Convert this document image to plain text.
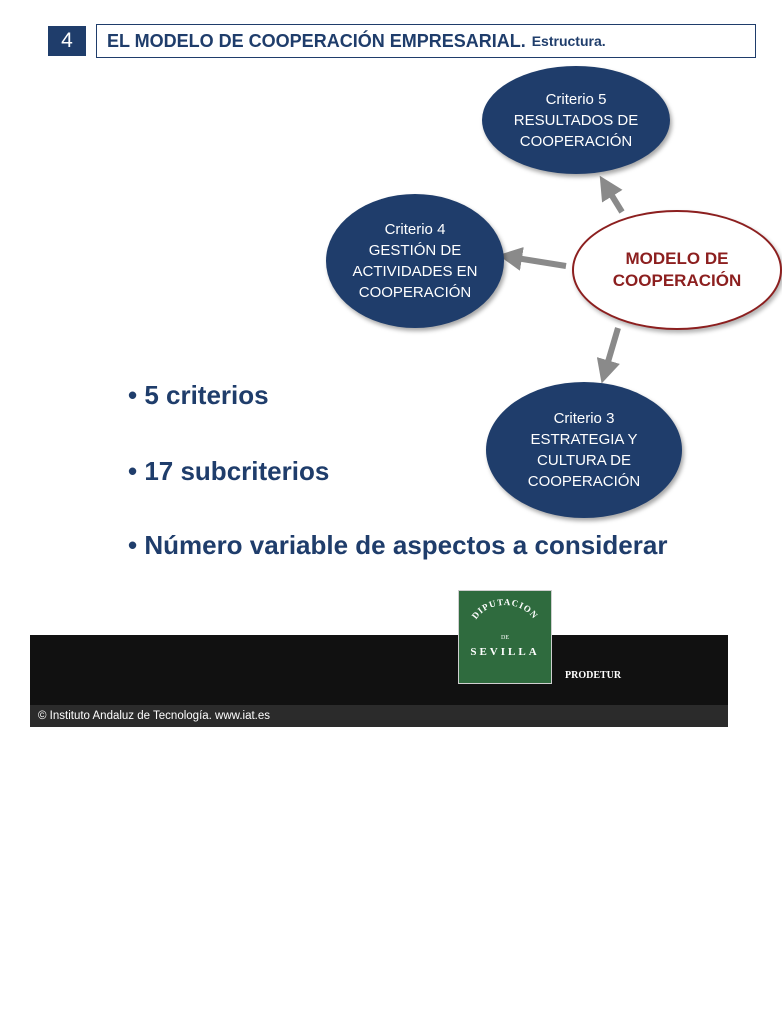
4	EL MODELO DE COOPERACIÓN EMPRESARIAL. Estructura.
Criterio 5
RESULTADOS DE
COOPERACIÓN
Criterio 4
GESTIÓN DE
ACTIVIDADES EN
COOPERACIÓN
MODELO DE
COOPERACIÓN
Criterio 3
ESTRATEGIA Y
CULTURA DE
COOPERACIÓN
• 5 criterios
• 17 subcriterios
• Número variable de aspectos a considerar
© Instituto Andaluz de Tecnología. www.iat.es
DIPUTACION
DE
SEVILLA
PRODETUR
